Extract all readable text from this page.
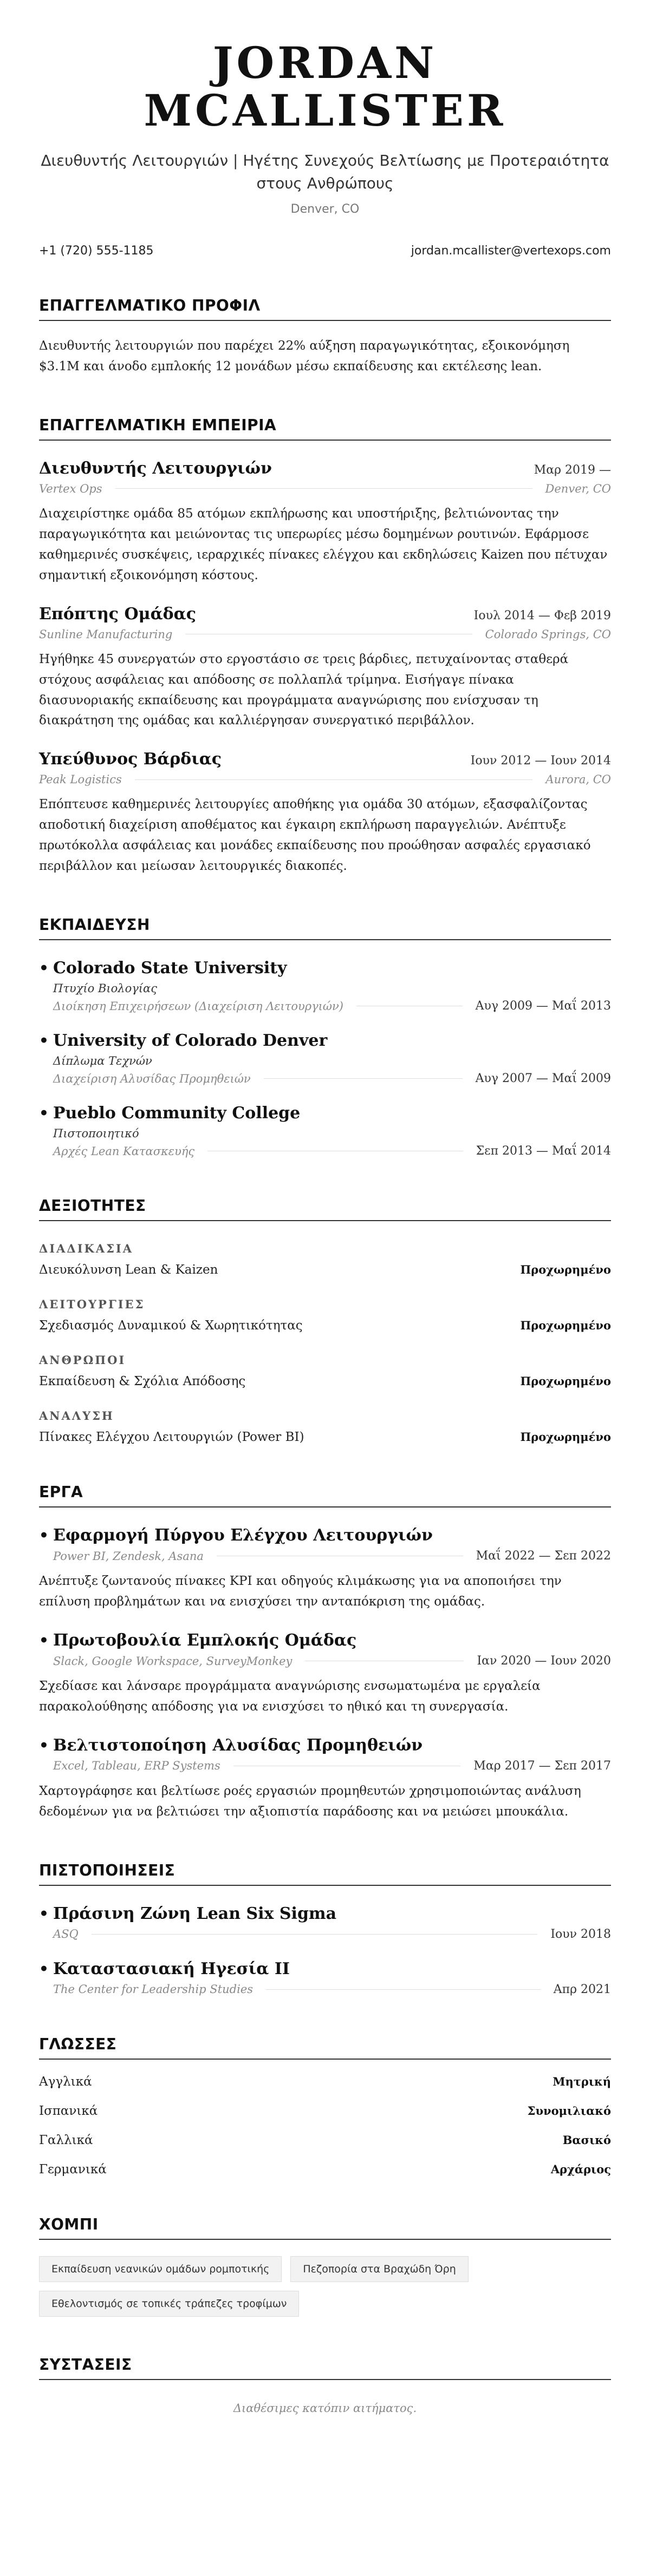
JORDAN MCALLISTER
Διευθυντής Λειτουργιών | Ηγέτης Συνεχούς Βελτίωσης με Προτεραιότητα στους Ανθρώπους
Denver, CO
+1 (720) 555-1185	jordan.mcallister@vertexops.com
ΕΠΑΓΓΕΛΜΑΤΙΚΟ ΠΡΟΦΙΛ
Διευθυντής λειτουργιών που παρέχει 22% αύξηση παραγωγικότητας, εξοικονόμηση $3.1M και άνοδο εμπλοκής 12 μονάδων μέσω εκπαίδευσης και εκτέλεσης lean.
ΕΠΑΓΓΕΛΜΑΤΙΚΗ ΕΜΠΕΙΡΙΑ
Διευθυντής Λειτουργιών	Μαρ 2019 —
Vertex Ops	Denver, CO
Διαχειρίστηκε ομάδα 85 ατόμων εκπλήρωσης και υποστήριξης, βελτιώνοντας την παραγωγικότητα και μειώνοντας τις υπερωρίες μέσω δομημένων ρουτινών. Εφάρμοσε καθημερινές συσκέψεις, ιεραρχικές πίνακες ελέγχου και εκδηλώσεις Kaizen που πέτυχαν σημαντική εξοικονόμηση κόστους.
Επόπτης Ομάδας	Ιουλ 2014 — Φεβ 2019
Sunline Manufacturing	Colorado Springs, CO
Ηγήθηκε 45 συνεργατών στο εργοστάσιο σε τρεις βάρδιες, πετυχαίνοντας σταθερά στόχους ασφάλειας και απόδοσης σε πολλαπλά τρίμηνα. Εισήγαγε πίνακα διασυνοριακής εκπαίδευσης και προγράμματα αναγνώρισης που ενίσχυσαν τη διακράτηση της ομάδας και καλλιέργησαν συνεργατικό περιβάλλον.
Υπεύθυνος Βάρδιας	Ιουν 2012 — Ιουν 2014
Peak Logistics	Aurora, CO
Επόπτευσε καθημερινές λειτουργίες αποθήκης για ομάδα 30 ατόμων, εξασφαλίζοντας αποδοτική διαχείριση αποθέματος και έγκαιρη εκπλήρωση παραγγελιών. Ανέπτυξε πρωτόκολλα ασφάλειας και μονάδες εκπαίδευσης που προώθησαν ασφαλές εργασιακό περιβάλλον και μείωσαν λειτουργικές διακοπές.
ΕΚΠΑΙΔΕΥΣΗ
• Colorado State University
Πτυχίο Βιολογίας
Διοίκηση Επιχειρήσεων (Διαχείριση Λειτουργιών)	Αυγ 2009 — Μαΐ 2013
• University of Colorado Denver
Δίπλωμα Τεχνών
Διαχείριση Αλυσίδας Προμηθειών	Αυγ 2007 — Μαΐ 2009
• Pueblo Community College
Πιστοποιητικό
Αρχές Lean Κατασκευής	Σεπ 2013 — Μαΐ 2014
ΔΕΞΙΟΤΗΤΕΣ
ΔΙΑΔΙΚΑΣΙΑ
Διευκόλυνση Lean & Kaizen	Προχωρημένο
ΛΕΙΤΟΥΡΓΙΕΣ
Σχεδιασμός Δυναμικού & Χωρητικότητας	Προχωρημένο
ΑΝΘΡΩΠΟΙ
Εκπαίδευση & Σχόλια Απόδοσης	Προχωρημένο
ΑΝΑΛΥΣΗ
Πίνακες Ελέγχου Λειτουργιών (Power BI)	Προχωρημένο
ΕΡΓΑ
• Εφαρμογή Πύργου Ελέγχου Λειτουργιών
Power BI, Zendesk, Asana	Μαΐ 2022 — Σεπ 2022
Ανέπτυξε ζωντανούς πίνακες KPI και οδηγούς κλιμάκωσης για να αποποιήσει την επίλυση προβλημάτων και να ενισχύσει την ανταπόκριση της ομάδας.
• Πρωτοβουλία Εμπλοκής Ομάδας
Slack, Google Workspace, SurveyMonkey	Ιαν 2020 — Ιουν 2020
Σχεδίασε και λάνσαρε προγράμματα αναγνώρισης ενσωματωμένα με εργαλεία παρακολούθησης απόδοσης για να ενισχύσει το ηθικό και τη συνεργασία.
• Βελτιστοποίηση Αλυσίδας Προμηθειών
Excel, Tableau, ERP Systems	Μαρ 2017 — Σεπ 2017
Χαρτογράφησε και βελτίωσε ροές εργασιών προμηθευτών χρησιμοποιώντας ανάλυση δεδομένων για να βελτιώσει την αξιοπιστία παράδοσης και να μειώσει μπουκάλια.
ΠΙΣΤΟΠΟΙΗΣΕΙΣ
• Πράσινη Ζώνη Lean Six Sigma
ASQ	Ιουν 2018
• Καταστασιακή Ηγεσία II
The Center for Leadership Studies	Απρ 2021
ΓΛΩΣΣΕΣ
Αγγλικά	Μητρική
Ισπανικά	Συνομιλιακό
Γαλλικά	Βασικό
Γερμανικά	Αρχάριος
ΧΟΜΠΙ
Εκπαίδευση νεανικών ομάδων ρομποτικής	Πεζοπορία στα Βραχώδη Όρη
Εθελοντισμός σε τοπικές τράπεζες τροφίμων
ΣΥΣΤΑΣΕΙΣ
Διαθέσιμες κατόπιν αιτήματος.
